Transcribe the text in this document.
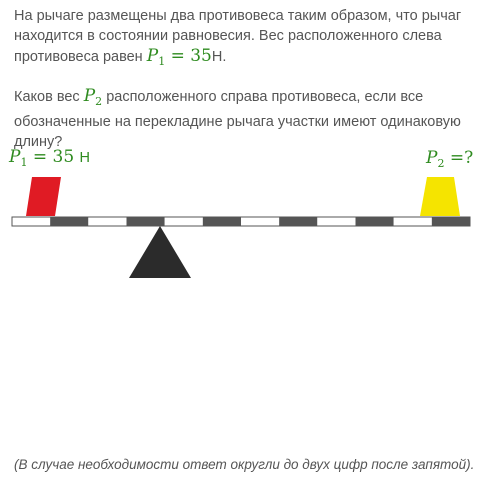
На рычаге размещены два противовеса таким образом, что рычаг находится в состоянии равновесия. Вес расположенного слева противовеса равен $P_1 = 35Н$.
Каков вес $P_2$ расположенного справа противовеса, если все обозначенные на перекладине рычага участки имеют одинаковую длину?
$P_1 = 35$ Н	$P_2$ =?
(В случае необходимости ответ округли до двух цифр после запятой).
